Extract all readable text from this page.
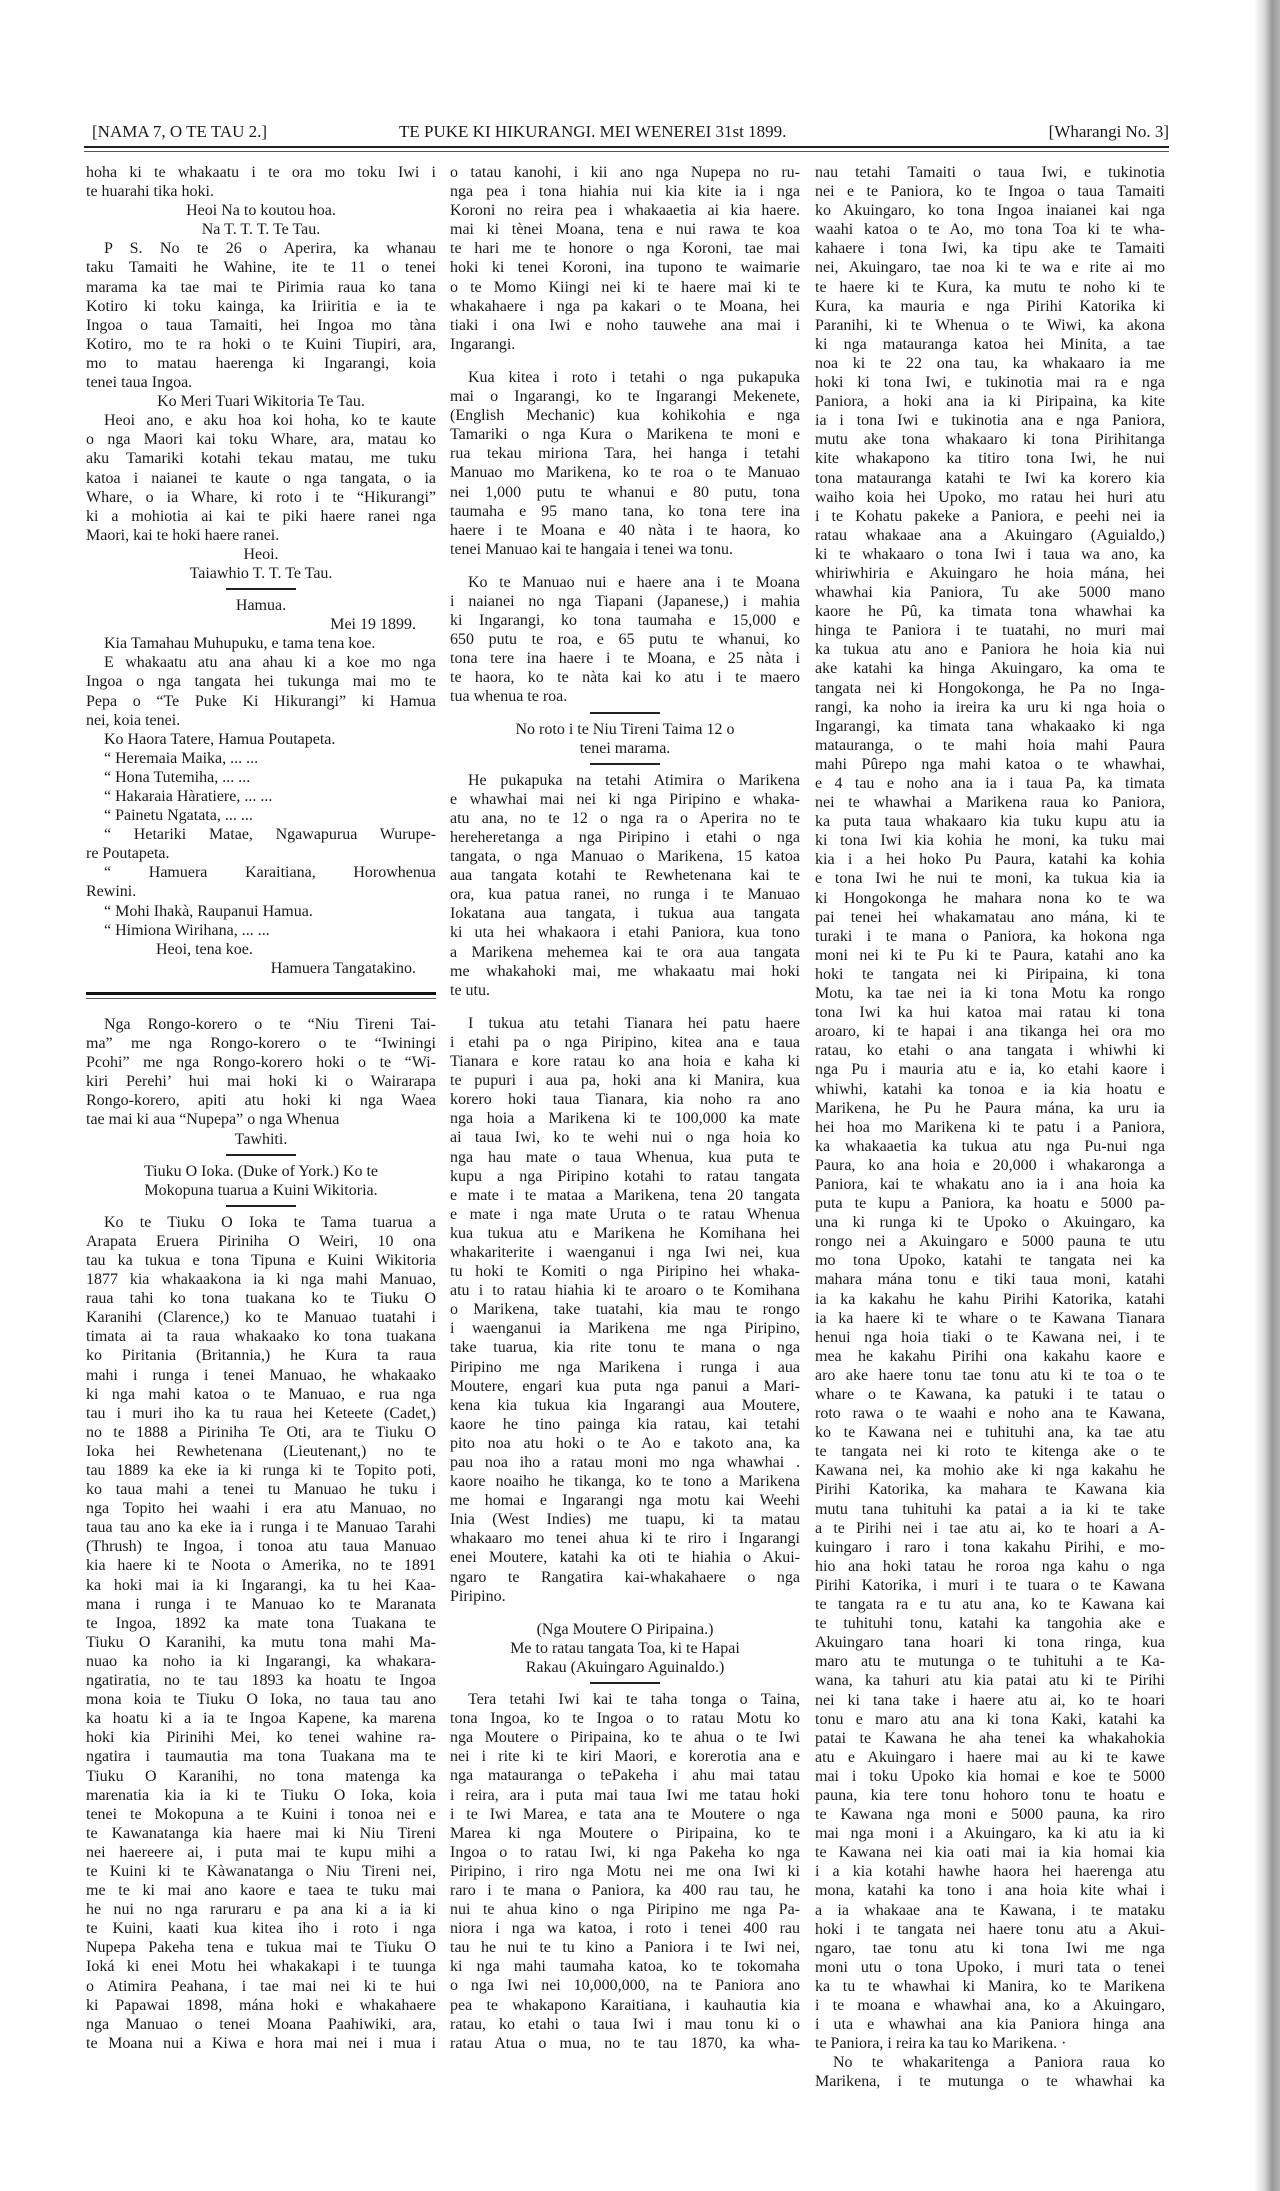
[NAMA 7, O TE TAU 2.]	TE PUKE KI HIKURANGI. MEI WENEREI 31st 1899.	[Wharangi No. 3]
hoha ki te whakaatu i te ora mo toku Iwi i
te huarahi tika hoki.
Heoi Na to koutou hoa.
Na T. T. T. Te Tau.
P S. No te 26 o Aperira, ka whanau
taku Tamaiti he Wahine, ite te 11 o tenei
marama ka tae mai te Pirimia raua ko tana
Kotiro ki toku kainga, ka Iriiritia e ia te
Ingoa o taua Tamaiti, hei Ingoa mo tàna
Kotiro, mo te ra hoki o te Kuini Tiupiri, ara,
mo to matau haerenga ki Ingarangi, koia
tenei taua Ingoa.
Ko Meri Tuari Wikitoria Te Tau.
Heoi ano, e aku hoa koi hoha, ko te kaute
o nga Maori kai toku Whare, ara, matau ko
aku Tamariki kotahi tekau matau, me tuku
katoa i naianei te kaute o nga tangata, o ia
Whare, o ia Whare, ki roto i te “Hikurangi”
ki a mohiotia ai kai te piki haere ranei nga
Maori, kai te hoki haere ranei.
Heoi.
Taiawhio T. T. Te Tau.
Hamua.
Mei 19 1899.
Kia Tamahau Muhupuku, e tama tena koe.
E whakaatu atu ana ahau ki a koe mo nga
Ingoa o nga tangata hei tukunga mai mo te
Pepa o “Te Puke Ki Hikurangi” ki Hamua
nei, koia tenei.
Ko Haora Tatere, Hamua Poutapeta.
“ Heremaia Maika, ... ...
“ Hona Tutemiha, ... ...
“ Hakaraia Hàratiere, ... ...
“ Painetu Ngatata, ... ...
“ Hetariki Matae, Ngawapurua Wurupe-
re Poutapeta.
“ Hamuera Karaitiana, Horowhenua
Rewini.
“ Mohi Ihakà, Raupanui Hamua.
“ Himiona Wirihana, ... ...
Heoi, tena koe.
Hamuera Tangatakino.
Nga Rongo-korero o te “Niu Tireni Tai-
ma” me nga Rongo-korero o te “Iwiningi
Pcohi” me nga Rongo-korero hoki o te “Wi-
kiri Perehi’ hui mai hoki ki o Wairarapa
Rongo-korero, apiti atu hoki ki nga Waea
tae mai ki aua “Nupepa” o nga Whenua
Tawhiti.
Tiuku O Ioka. (Duke of York.) Ko te
Mokopuna tuarua a Kuini Wikitoria.
Ko te Tiuku O Ioka te Tama tuarua a
Arapata Eruera Piriniha O Weiri, 10 ona
tau ka tukua e tona Tipuna e Kuini Wikitoria
1877 kia whakaakona ia ki nga mahi Manuao,
raua tahi ko tona tuakana ko te Tiuku O
Karanihi (Clarence,) ko te Manuao tuatahi i
timata ai ta raua whakaako ko tona tuakana
ko Piritania (Britannia,) he Kura ta raua
mahi i runga i tenei Manuao, he whakaako
ki nga mahi katoa o te Manuao, e rua nga
tau i muri iho ka tu raua hei Keteete (Cadet,)
no te 1888 a Piriniha Te Oti, ara te Tiuku O
Ioka hei Rewhetenana (Lieutenant,) no te
tau 1889 ka eke ia ki runga ki te Topito poti,
ko taua mahi a tenei tu Manuao he tuku i
nga Topito hei waahi i era atu Manuao, no
taua tau ano ka eke ia i runga i te Manuao Tarahi
(Thrush) te Ingoa, i tonoa atu taua Manuao
kia haere ki te Noota o Amerika, no te 1891
ka hoki mai ia ki Ingarangi, ka tu hei Kaa-
mana i runga i te Manuao ko te Maranata
te Ingoa, 1892 ka mate tona Tuakana te
Tiuku O Karanihi, ka mutu tona mahi Ma-
nuao ka noho ia ki Ingarangi, ka whakara-
ngatiratia, no te tau 1893 ka hoatu te Ingoa
mona koia te Tiuku O Ioka, no taua tau ano
ka hoatu ki a ia te Ingoa Kapene, ka marena
hoki kia Pirinihi Mei, ko tenei wahine ra-
ngatira i taumautia ma tona Tuakana ma te
Tiuku O Karanihi, no tona matenga ka
marenatia kia ia ki te Tiuku O Ioka, koia
tenei te Mokopuna a te Kuini i tonoa nei e
te Kawanatanga kia haere mai ki Niu Tireni
nei haereere ai, i puta mai te kupu mihi a
te Kuini ki te Kàwanatanga o Niu Tireni nei,
me te ki mai ano kaore e taea te tuku mai
he nui no nga raruraru e pa ana ki a ia ki
te Kuini, kaati kua kitea iho i roto i nga
Nupepa Pakeha tena e tukua mai te Tiuku O
Ioká ki enei Motu hei whakakapi i te tuunga
o Atimira Peahana, i tae mai nei ki te hui
ki Papawai 1898, mána hoki e whakahaere
nga Manuao o tenei Moana Paahiwiki, ara,
te Moana nui a Kiwa e hora mai nei i mua i
o tatau kanohi, i kii ano nga Nupepa no ru-
nga pea i tona hiahia nui kia kite ia i nga
Koroni no reira pea i whakaaetia ai kia haere.
mai ki tènei Moana, tena e nui rawa te koa
te hari me te honore o nga Koroni, tae mai
hoki ki tenei Koroni, ina tupono te waimarie
o te Momo Kiingi nei ki te haere mai ki te
whakahaere i nga pa kakari o te Moana, hei
tiaki i ona Iwi e noho tauwehe ana mai i
Ingarangi.
Kua kitea i roto i tetahi o nga pukapuka
mai o Ingarangi, ko te Ingarangi Mekenete,
(English Mechanic) kua kohikohia e nga
Tamariki o nga Kura o Marikena te moni e
rua tekau miriona Tara, hei hanga i tetahi
Manuao mo Marikena, ko te roa o te Manuao
nei 1,000 putu te whanui e 80 putu, tona
taumaha e 95 mano tana, ko tona tere ina
haere i te Moana e 40 nàta i te haora, ko
tenei Manuao kai te hangaia i tenei wa tonu.
Ko te Manuao nui e haere ana i te Moana
i naianei no nga Tiapani (Japanese,) i mahia
ki Ingarangi, ko tona taumaha e 15,000 e
650 putu te roa, e 65 putu te whanui, ko
tona tere ina haere i te Moana, e 25 nàta i
te haora, ko te nàta kai ko atu i te maero
tua whenua te roa.
No roto i te Niu Tireni Taima 12 o
tenei marama.
He pukapuka na tetahi Atimira o Marikena
e whawhai mai nei ki nga Piripino e whaka-
atu ana, no te 12 o nga ra o Aperira no te
hereheretanga a nga Piripino i etahi o nga
tangata, o nga Manuao o Marikena, 15 katoa
aua tangata kotahi te Rewhetenana kai te
ora, kua patua ranei, no runga i te Manuao
Iokatana aua tangata, i tukua aua tangata
ki uta hei whakaora i etahi Paniora, kua tono
a Marikena mehemea kai te ora aua tangata
me whakahoki mai, me whakaatu mai hoki
te utu.
I tukua atu tetahi Tianara hei patu haere
i etahi pa o nga Piripino, kitea ana e taua
Tianara e kore ratau ko ana hoia e kaha ki
te pupuri i aua pa, hoki ana ki Manira, kua
korero hoki taua Tianara, kia noho ra ano
nga hoia a Marikena ki te 100,000 ka mate
ai taua Iwi, ko te wehi nui o nga hoia ko
nga hau mate o taua Whenua, kua puta te
kupu a nga Piripino kotahi to ratau tangata
e mate i te mataa a Marikena, tena 20 tangata
e mate i nga mate Uruta o te ratau Whenua
kua tukua atu e Marikena he Komihana hei
whakariterite i waenganui i nga Iwi nei, kua
tu hoki te Komiti o nga Piripino hei whaka-
atu i to ratau hiahia ki te aroaro o te Komihana
o Marikena, take tuatahi, kia mau te rongo
i waenganui ia Marikena me nga Piripino,
take tuarua, kia rite tonu te mana o nga
Piripino me nga Marikena i runga i aua
Moutere, engari kua puta nga panui a Mari-
kena kia tukua kia Ingarangi aua Moutere,
kaore he tino painga kia ratau, kai tetahi
pito noa atu hoki o te Ao e takoto ana, ka
pau noa iho a ratau moni mo nga whawhai .
kaore noaiho he tikanga, ko te tono a Marikena
me homai e Ingarangi nga motu kai Weehi
Inia (West Indies) me tuapu, ki ta matau
whakaaro mo tenei ahua ki te riro i Ingarangi
enei Moutere, katahi ka oti te hiahia o Akui-
ngaro te Rangatira kai-whakahaere o nga
Piripino.
(Nga Moutere O Piripaina.)
Me to ratau tangata Toa, ki te Hapai
Rakau (Akuingaro Aguinaldo.)
Tera tetahi Iwi kai te taha tonga o Taina,
tona Ingoa, ko te Ingoa o to ratau Motu ko
nga Moutere o Piripaina, ko te ahua o te Iwi
nei i rite ki te kiri Maori, e korerotia ana e
nga matauranga o tePakeha i ahu mai tatau
i reira, ara i puta mai taua Iwi me tatau hoki
i te Iwi Marea, e tata ana te Moutere o nga
Marea ki nga Moutere o Piripaina, ko te
Ingoa o to ratau Iwi, ki nga Pakeha ko nga
Piripino, i riro nga Motu nei me ona Iwi ki
raro i te mana o Paniora, ka 400 rau tau, he
nui te ahua kino o nga Piripino me nga Pa-
niora i nga wa katoa, i roto i tenei 400 rau
tau he nui te tu kino a Paniora i te Iwi nei,
ki nga mahi taumaha katoa, ko te tokomaha
o nga Iwi nei 10,000,000, na te Paniora ano
pea te whakapono Karaitiana, i kauhautia kia
ratau, ko etahi o taua Iwi i mau tonu ki o
ratau Atua o mua, no te tau 1870, ka wha-
nau tetahi Tamaiti o taua Iwi, e tukinotia
nei e te Paniora, ko te Ingoa o taua Tamaiti
ko Akuingaro, ko tona Ingoa inaianei kai nga
waahi katoa o te Ao, mo tona Toa ki te wha-
kahaere i tona Iwi, ka tipu ake te Tamaiti
nei, Akuingaro, tae noa ki te wa e rite ai mo
te haere ki te Kura, ka mutu te noho ki te
Kura, ka mauria e nga Pirihi Katorika ki
Paranihi, ki te Whenua o te Wiwi, ka akona
ki nga matauranga katoa hei Minita, a tae
noa ki te 22 ona tau, ka whakaaro ia me
hoki ki tona Iwi, e tukinotia mai ra e nga
Paniora, a hoki ana ia ki Piripaina, ka kite
ia i tona Iwi e tukinotia ana e nga Paniora,
mutu ake tona whakaaro ki tona Pirihitanga
kite whakapono ka titiro tona Iwi, he nui
tona matauranga katahi te Iwi ka korero kia
waiho koia hei Upoko, mo ratau hei huri atu
i te Kohatu pakeke a Paniora, e peehi nei ia
ratau whakaae ana a Akuingaro (Aguialdo,)
ki te whakaaro o tona Iwi i taua wa ano, ka
whiriwhiria e Akuingaro he hoia mána, hei
whawhai kia Paniora, Tu ake 5000 mano
kaore he Pû, ka timata tona whawhai ka
hinga te Paniora i te tuatahi, no muri mai
ka tukua atu ano e Paniora he hoia kia nui
ake katahi ka hinga Akuingaro, ka oma te
tangata nei ki Hongokonga, he Pa no Inga-
rangi, ka noho ia ireira ka uru ki nga hoia o
Ingarangi, ka timata tana whakaako ki nga
matauranga, o te mahi hoia mahi Paura
mahi Pûrepo nga mahi katoa o te whawhai,
e 4 tau e noho ana ia i taua Pa, ka timata
nei te whawhai a Marikena raua ko Paniora,
ka puta taua whakaaro kia tuku kupu atu ia
ki tona Iwi kia kohia he moni, ka tuku mai
kia i a hei hoko Pu Paura, katahi ka kohia
e tona Iwi he nui te moni, ka tukua kia ia
ki Hongokonga he mahara nona ko te wa
pai tenei hei whakamatau ano mána, ki te
turaki i te mana o Paniora, ka hokona nga
moni nei ki te Pu ki te Paura, katahi ano ka
hoki te tangata nei ki Piripaina, ki tona
Motu, ka tae nei ia ki tona Motu ka rongo
tona Iwi ka hui katoa mai ratau ki tona
aroaro, ki te hapai i ana tikanga hei ora mo
ratau, ko etahi o ana tangata i whiwhi ki
nga Pu i mauria atu e ia, ko etahi kaore i
whiwhi, katahi ka tonoa e ia kia hoatu e
Marikena, he Pu he Paura mána, ka uru ia
hei hoa mo Marikena ki te patu i a Paniora,
ka whakaaetia ka tukua atu nga Pu-nui nga
Paura, ko ana hoia e 20,000 i whakaronga a
Paniora, kai te whakatu ano ia i ana hoia ka
puta te kupu a Paniora, ka hoatu e 5000 pa-
una ki runga ki te Upoko o Akuingaro, ka
rongo nei a Akuingaro e 5000 pauna te utu
mo tona Upoko, katahi te tangata nei ka
mahara mána tonu e tiki taua moni, katahi
ia ka kakahu he kahu Pirihi Katorika, katahi
ia ka haere ki te whare o te Kawana Tianara
henui nga hoia tiaki o te Kawana nei, i te
mea he kakahu Pirihi ona kakahu kaore e
aro ake haere tonu tae tonu atu ki te toa o te
whare o te Kawana, ka patuki i te tatau o
roto rawa o te waahi e noho ana te Kawana,
ko te Kawana nei e tuhituhi ana, ka tae atu
te tangata nei ki roto te kitenga ake o te
Kawana nei, ka mohio ake ki nga kakahu he
Pirihi Katorika, ka mahara te Kawana kia
mutu tana tuhituhi ka patai a ia ki te take
a te Pirihi nei i tae atu ai, ko te hoari a A-
kuingaro i raro i tona kakahu Pirihi, e mo-
hio ana hoki tatau he roroa nga kahu o nga
Pirihi Katorika, i muri i te tuara o te Kawana
te tangata ra e tu atu ana, ko te Kawana kai
te tuhituhi tonu, katahi ka tangohia ake e
Akuingaro tana hoari ki tona ringa, kua
maro atu te mutunga o te tuhituhi a te Ka-
wana, ka tahuri atu kia patai atu ki te Pirihi
nei ki tana take i haere atu ai, ko te hoari
tonu e maro atu ana ki tona Kaki, katahi ka
patai te Kawana he aha tenei ka whakahokia
atu e Akuingaro i haere mai au ki te kawe
mai i toku Upoko kia homai e koe te 5000
pauna, kia tere tonu hohoro tonu te hoatu e
te Kawana nga moni e 5000 pauna, ka riro
mai nga moni i a Akuingaro, ka ki atu ia ki
te Kawana nei kia oati mai ia kia homai kia
i a kia kotahi hawhe haora hei haerenga atu
mona, katahi ka tono i ana hoia kite whai i
a ia whakaae ana te Kawana, i te mataku
hoki i te tangata nei haere tonu atu a Akui-
ngaro, tae tonu atu ki tona Iwi me nga
moni utu o tona Upoko, i muri tata o tenei
ka tu te whawhai ki Manira, ko te Marikena
i te moana e whawhai ana, ko a Akuingaro,
i uta e whawhai ana kia Paniora hinga ana
te Paniora, i reira ka tau ko Marikena. ·
No te whakaritenga a Paniora raua ko
Marikena, i te mutunga o te whawhai ka
